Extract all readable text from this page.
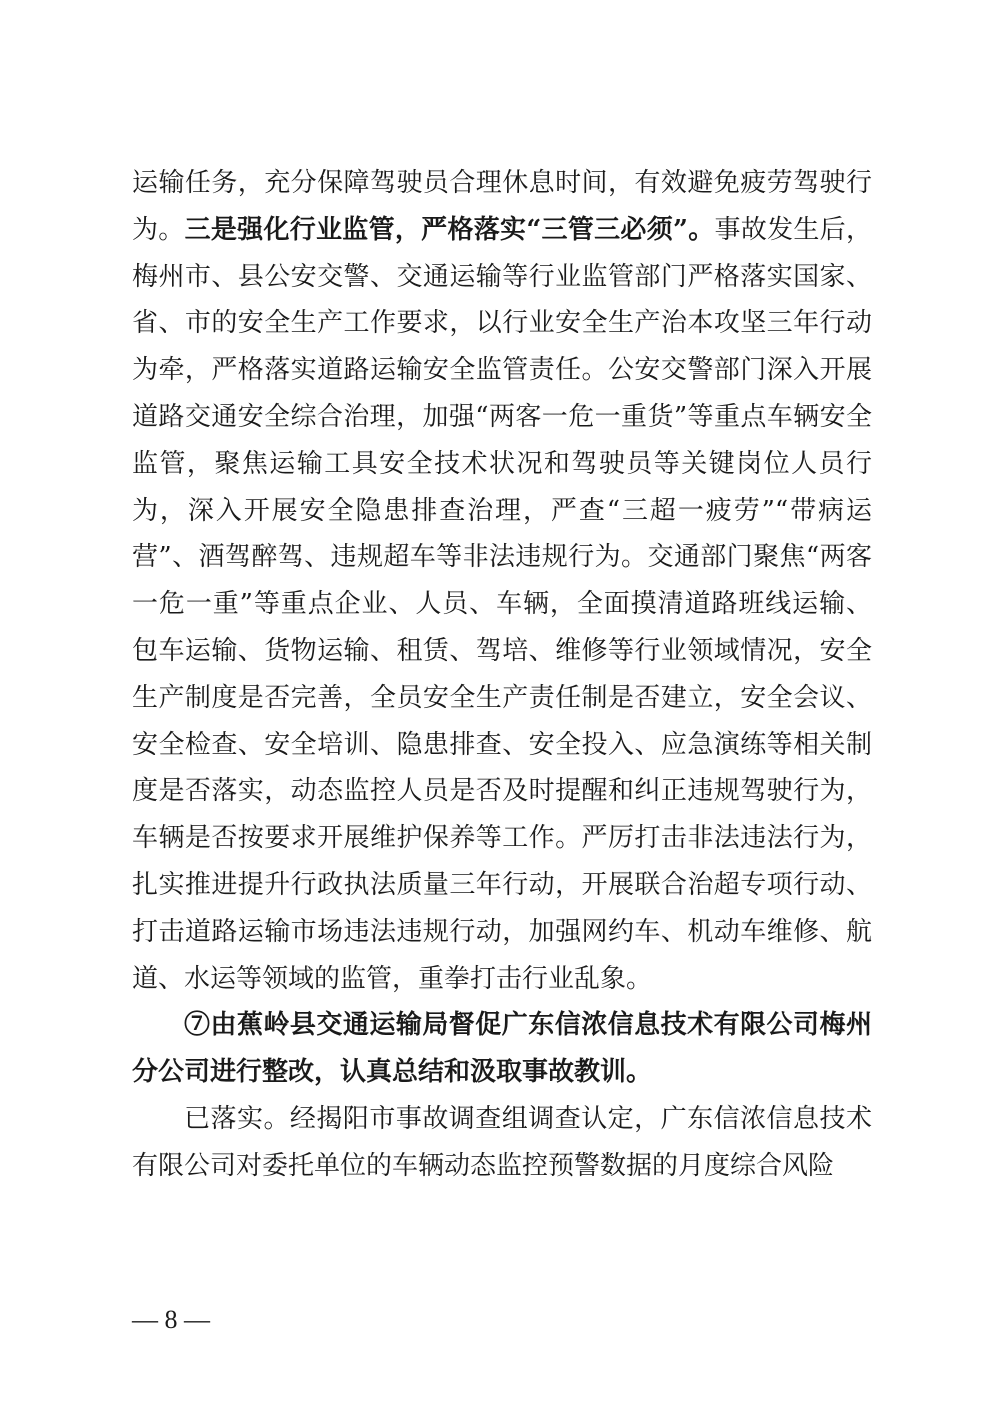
运输任务，充分保障驾驶员合理休息时间，有效避免疲劳驾驶行为。三是强化行业监管，严格落实“三管三必须”。事故发生后，梅州市、县公安交警、交通运输等行业监管部门严格落实国家、省、市的安全生产工作要求，以行业安全生产治本攻坚三年行动为牵，严格落实道路运输安全监管责任。公安交警部门深入开展道路交通安全综合治理，加强“两客一危一重货”等重点车辆安全监管，聚焦运输工具安全技术状况和驾驶员等关键岗位人员行为，深入开展安全隐患排查治理，严查“三超一疲劳”“带病运营”、酒驾醉驾、违规超车等非法违规行为。交通部门聚焦“两客一危一重”等重点企业、人员、车辆，全面摸清道路班线运输、包车运输、货物运输、租赁、驾培、维修等行业领域情况，安全生产制度是否完善，全员安全生产责任制是否建立，安全会议、安全检查、安全培训、隐患排查、安全投入、应急演练等相关制度是否落实，动态监控人员是否及时提醒和纠正违规驾驶行为，车辆是否按要求开展维护保养等工作。严厉打击非法违法行为，扎实推进提升行政执法质量三年行动，开展联合治超专项行动、打击道路运输市场违法违规行动，加强网约车、机动车维修、航道、水运等领域的监管，重拳打击行业乱象。

⑦由蕉岭县交通运输局督促广东信浓信息技术有限公司梅州分公司进行整改，认真总结和汲取事故教训。

已落实。经揭阳市事故调查组调查认定，广东信浓信息技术有限公司对委托单位的车辆动态监控预警数据的月度综合风险

— 8 —
